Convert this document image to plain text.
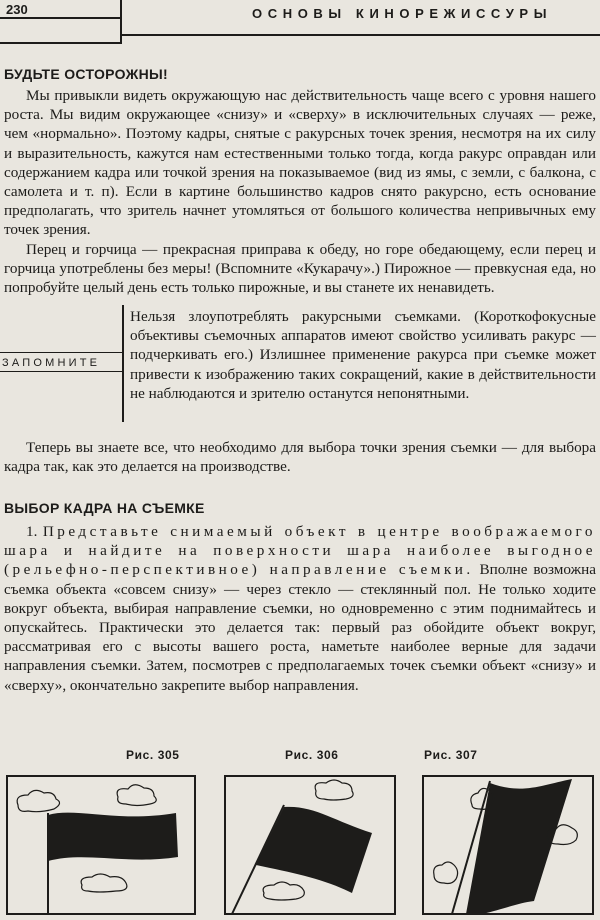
230	ОСНОВЫ КИНОРЕЖИССУРЫ
БУДЬТЕ ОСТОРОЖНЫ!

Мы привыкли видеть окружающую нас действительность чаще всего с уровня нашего роста. Мы видим окружающее «снизу» и «сверху» в исключительных случаях — реже, чем «нормально». Поэтому кадры, снятые с ракурсных точек зрения, несмотря на их силу и выразительность, кажутся нам естественными только тогда, когда ракурс оправдан или содержанием кадра или точкой зрения на показываемое (вид из ямы, с земли, с балкона, с самолета и т. п). Если в картине большинство кадров снято ракурсно, есть основание предполагать, что зритель начнет утомляться от большого количества непривычных ему точек зрения.

Перец и горчица — прекрасная приправа к обеду, но горе обедающему, если перец и горчица употреблены без меры! (Вспомните «Кукарачу».) Пирожное — превкусная еда, но попробуйте целый день есть только пирожные, и вы станете их ненавидеть.

ЗАПОМНИТЕ
Нельзя злоупотреблять ракурсными съемками. (Короткофокусные объективы съемочных аппаратов имеют свойство усиливать ракурс — подчеркивать его.) Излишнее применение ракурса при съемке может привести к изображению таких сокращений, какие в действительности не наблюдаются и зрителю останутся непонятными.

Теперь вы знаете все, что необходимо для выбора точки зрения съемки — для выбора кадра так, как это делается на производстве.

ВЫБОР КАДРА НА СЪЕМКЕ

1. Представьте снимаемый объект в центре воображаемого шара и найдите на поверхности шара наиболее выгодное (рельефно-перспективное) направление съемки. Вполне возможна съемка объекта «совсем снизу» — через стекло — стеклянный пол. Не только ходите вокруг объекта, выбирая направление съемки, но одновременно с этим поднимайтесь и опускайтесь. Практически это делается так: первый раз обойдите объект вокруг, рассматривая его с высоты вашего роста, наметьте наиболее верные для задачи направления съемки. Затем, посмотрев с предполагаемых точек съемки объект «снизу» и «сверху», окончательно закрепите выбор направления.

Рис. 305	Рис. 306	Рис. 307
